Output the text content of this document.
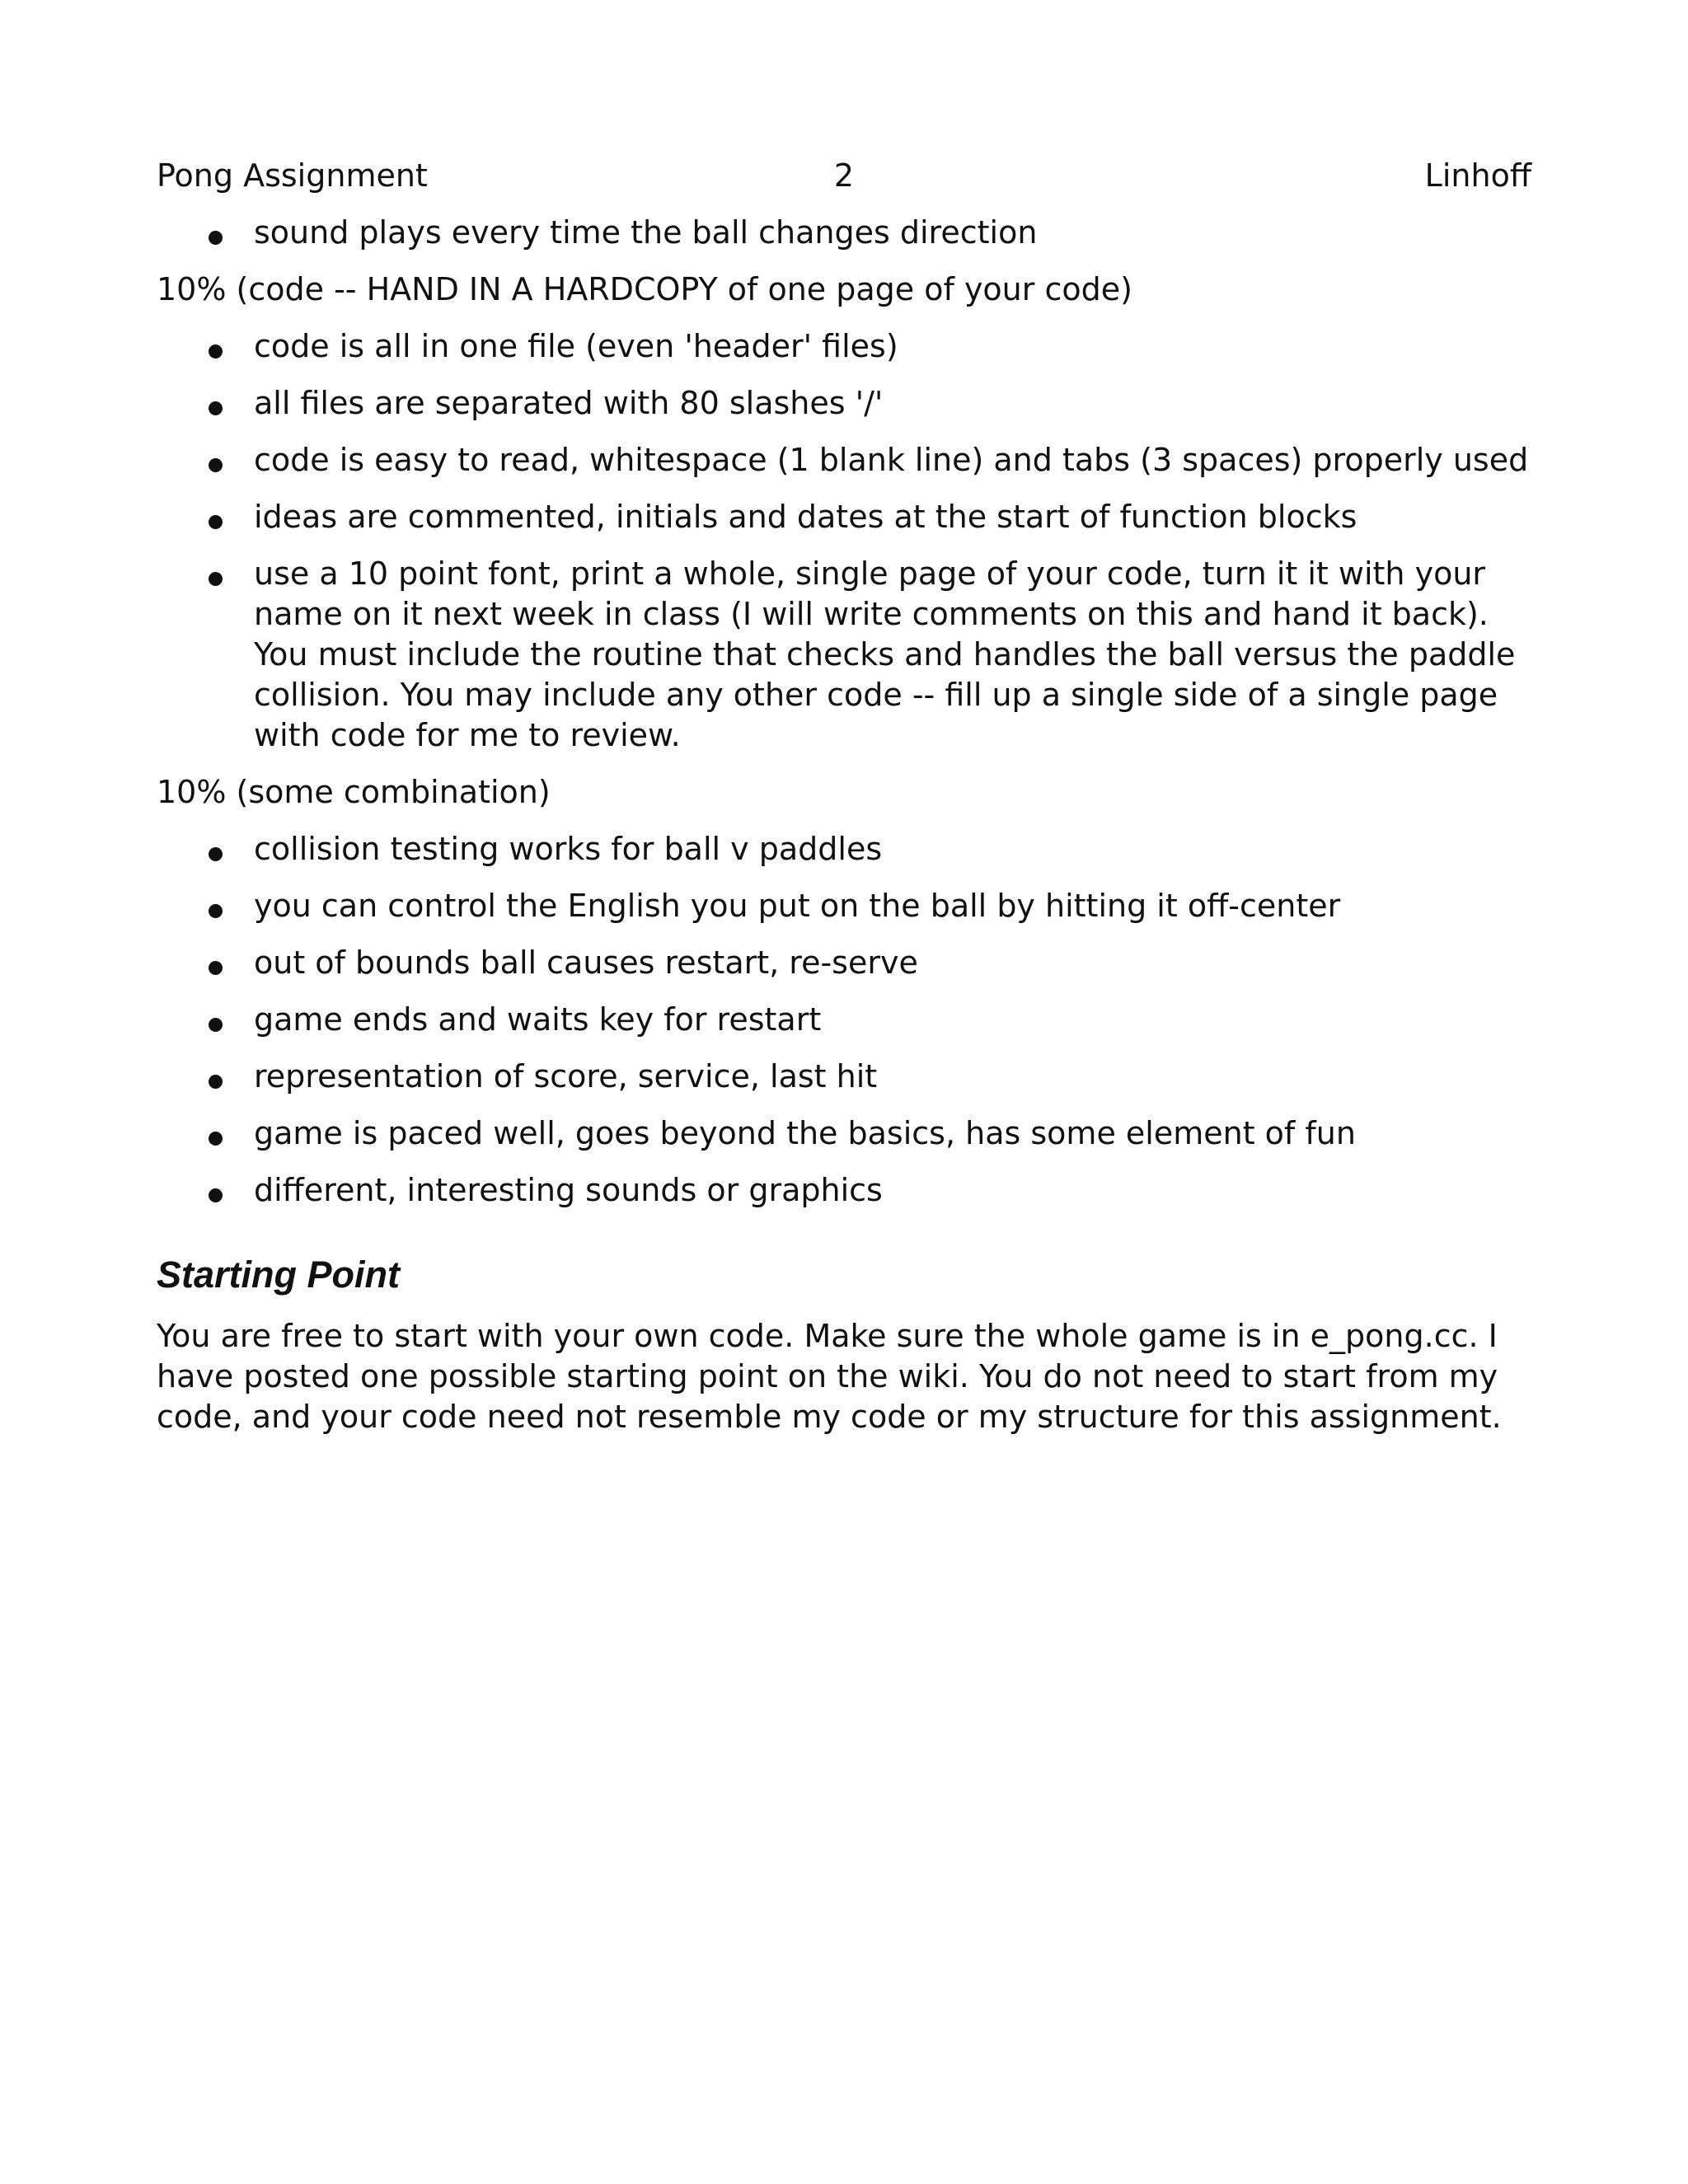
Pong Assignment	2	Linhoff
sound plays every time the ball changes direction

10% (code -- HAND IN A HARDCOPY of one page of your code)

code is all in one file (even 'header' files)
all files are separated with 80 slashes '/'
code is easy to read, whitespace (1 blank line) and tabs (3 spaces) properly used
ideas are commented, initials and dates at the start of function blocks
use a 10 point font, print a whole, single page of your code, turn it it with your name on it next week in class (I will write comments on this and hand it back). You must include the routine that checks and handles the ball versus the paddle collision. You may include any other code -- fill up a single side of a single page with code for me to review.

10% (some combination)

collision testing works for ball v paddles
you can control the English you put on the ball by hitting it off-center
out of bounds ball causes restart, re-serve
game ends and waits key for restart
representation of score, service, last hit
game is paced well, goes beyond the basics, has some element of fun
different, interesting sounds or graphics
Starting Point

You are free to start with your own code. Make sure the whole game is in e_pong.cc. I have posted one possible starting point on the wiki. You do not need to start from my code, and your code need not resemble my code or my structure for this assignment.
